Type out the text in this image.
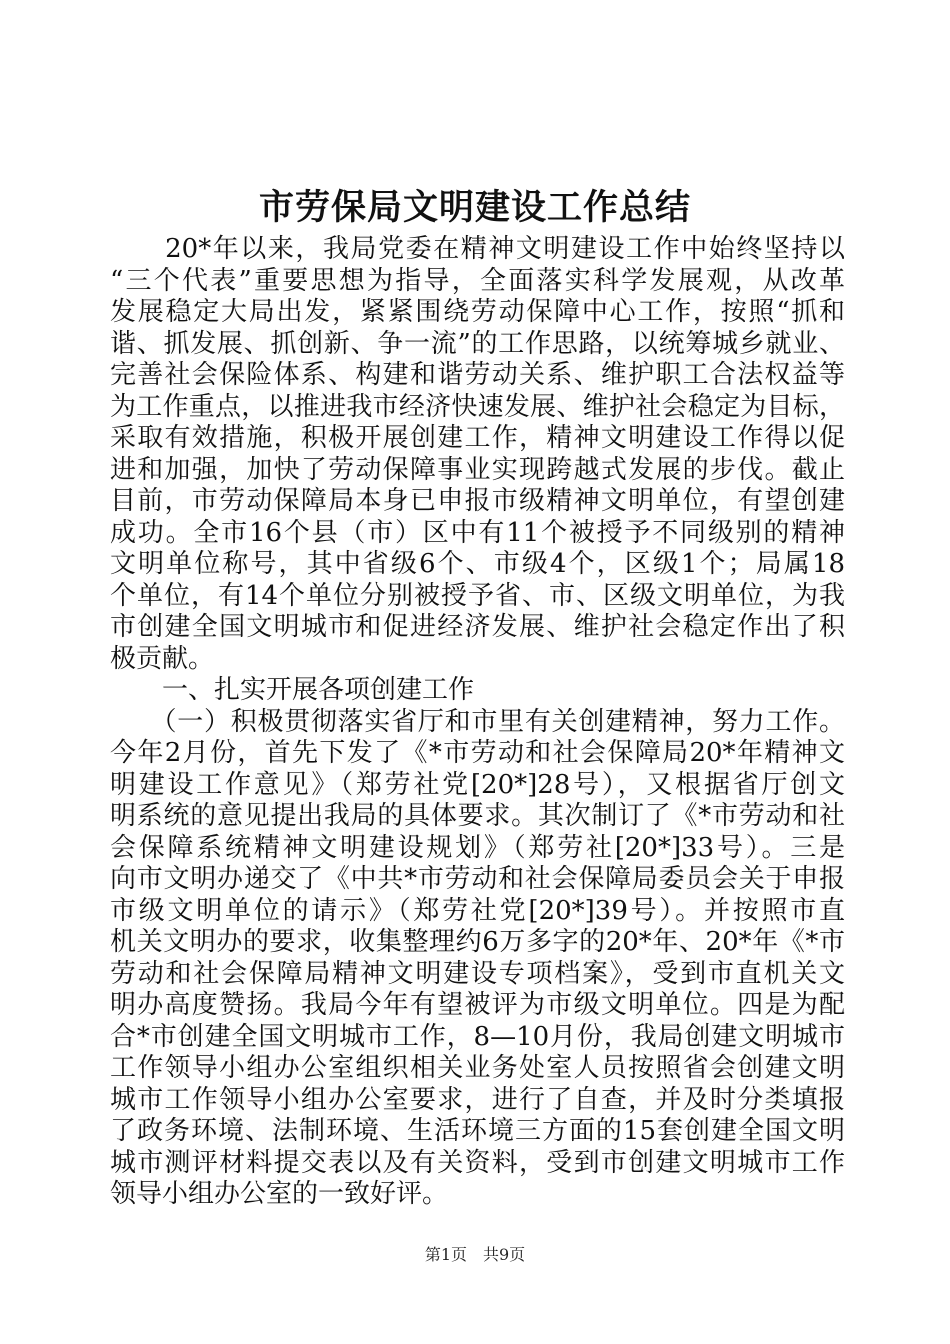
市劳保局文明建设工作总结
　　20*年以来，我局党委在精神文明建设工作中始终坚持以
“三个代表”重要思想为指导，全面落实科学发展观，从改革
发展稳定大局出发，紧紧围绕劳动保障中心工作，按照“抓和
谐、抓发展、抓创新、争一流”的工作思路，以统筹城乡就业、
完善社会保险体系、构建和谐劳动关系、维护职工合法权益等
为工作重点，以推进我市经济快速发展、维护社会稳定为目标，
采取有效措施，积极开展创建工作，精神文明建设工作得以促
进和加强，加快了劳动保障事业实现跨越式发展的步伐。截止
目前，市劳动保障局本身已申报市级精神文明单位，有望创建
成功。全市16个县（市）区中有11个被授予不同级别的精神
文明单位称号，其中省级6个、市级4个，区级1个；局属18
个单位，有14个单位分别被授予省、市、区级文明单位，为我
市创建全国文明城市和促进经济发展、维护社会稳定作出了积
极贡献。
　　一、扎实开展各项创建工作
　　（一）积极贯彻落实省厅和市里有关创建精神，努力工作。
今年2月份，首先下发了《*市劳动和社会保障局20*年精神文
明建设工作意见》（郑劳社党[20*]28号），又根据省厅创文
明系统的意见提出我局的具体要求。其次制订了《*市劳动和社
会保障系统精神文明建设规划》（郑劳社[20*]33号）。三是
向市文明办递交了《中共*市劳动和社会保障局委员会关于申报
市级文明单位的请示》（郑劳社党[20*]39号）。并按照市直
机关文明办的要求，收集整理约6万多字的20*年、20*年《*市
劳动和社会保障局精神文明建设专项档案》，受到市直机关文
明办高度赞扬。我局今年有望被评为市级文明单位。四是为配
合*市创建全国文明城市工作，8—10月份，我局创建文明城市
工作领导小组办公室组织相关业务处室人员按照省会创建文明
城市工作领导小组办公室要求，进行了自查，并及时分类填报
了政务环境、法制环境、生活环境三方面的15套创建全国文明
城市测评材料提交表以及有关资料，受到市创建文明城市工作
领导小组办公室的一致好评。
第1页　共9页
